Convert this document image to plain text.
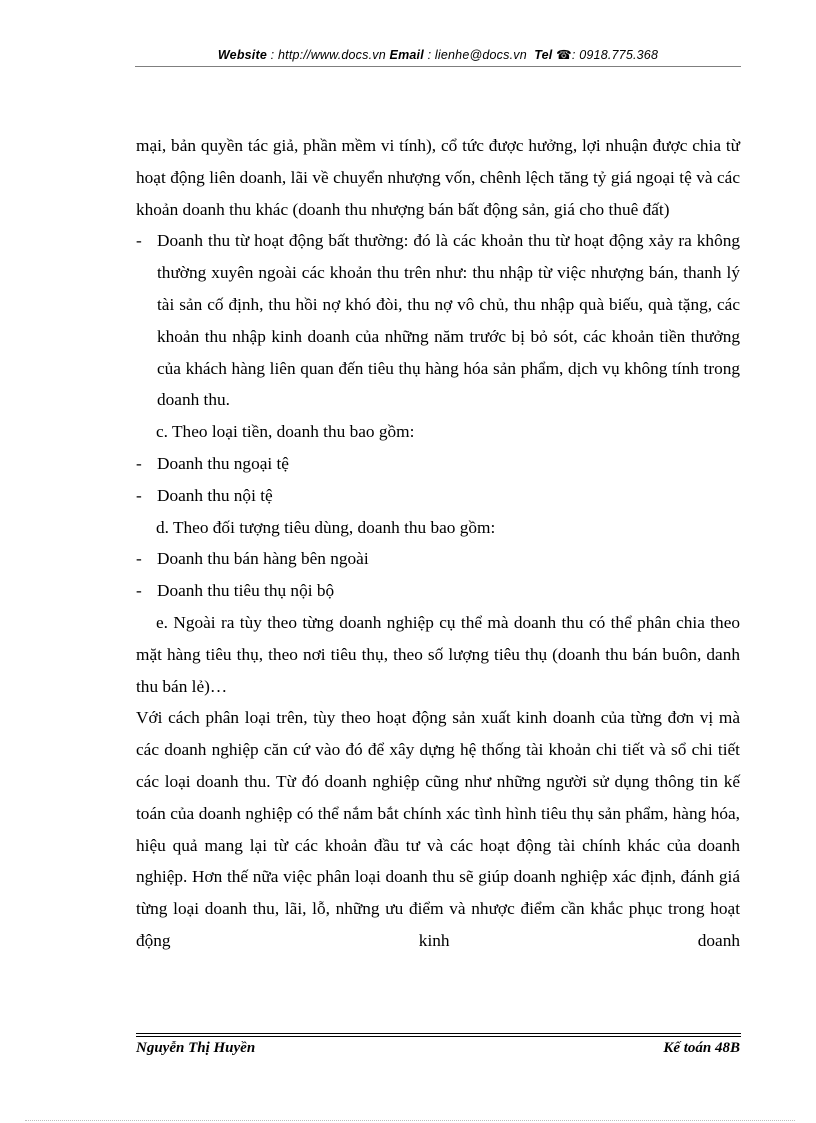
Website : http://www.docs.vn Email : lienhe@docs.vn Tel ☎: 0918.775.368

mại, bản quyền tác giả, phần mềm vi tính), cổ tức được hưởng, lợi nhuận được chia từ hoạt động liên doanh, lãi về chuyển nhượng vốn, chênh lệch tăng tỷ giá ngoại tệ và các khoản doanh thu khác (doanh thu nhượng bán bất động sản, giá cho thuê đất)

- Doanh thu từ hoạt động bất thường: đó là các khoản thu từ hoạt động xảy ra không thường xuyên ngoài các khoản thu trên như: thu nhập từ việc nhượng bán, thanh lý tài sản cố định, thu hồi nợ khó đòi, thu nợ vô chủ, thu nhập quà biếu, quà tặng, các khoản thu nhập kinh doanh của những năm trước bị bỏ sót, các khoản tiền thưởng của khách hàng liên quan đến tiêu thụ hàng hóa sản phẩm, dịch vụ không tính trong doanh thu.

c. Theo loại tiền, doanh thu bao gồm:

- Doanh thu ngoại tệ
- Doanh thu nội tệ

d. Theo đối tượng tiêu dùng, doanh thu bao gồm:

- Doanh thu bán hàng bên ngoài
- Doanh thu tiêu thụ nội bộ

e. Ngoài ra tùy theo từng doanh nghiệp cụ thể mà doanh thu có thể phân chia theo mặt hàng tiêu thụ, theo nơi tiêu thụ, theo số lượng tiêu thụ (doanh thu bán buôn, danh thu bán lẻ)…

Với cách phân loại trên, tùy theo hoạt động sản xuất kinh doanh của từng đơn vị mà các doanh nghiệp căn cứ vào đó để xây dựng hệ thống tài khoản chi tiết và sổ chi tiết các loại doanh thu. Từ đó doanh nghiệp cũng như những người sử dụng thông tin kế toán của doanh nghiệp có thể nắm bắt chính xác tình hình tiêu thụ sản phẩm, hàng hóa, hiệu quả mang lại từ các khoản đầu tư và các hoạt động tài chính khác của doanh nghiệp. Hơn thế nữa việc phân loại doanh thu sẽ giúp doanh nghiệp xác định, đánh giá từng loại doanh thu, lãi, lỗ, những ưu điểm và nhược điểm cần khắc phục trong hoạt động kinh doanh

Nguyễn Thị Huyền	Kế toán 48B
